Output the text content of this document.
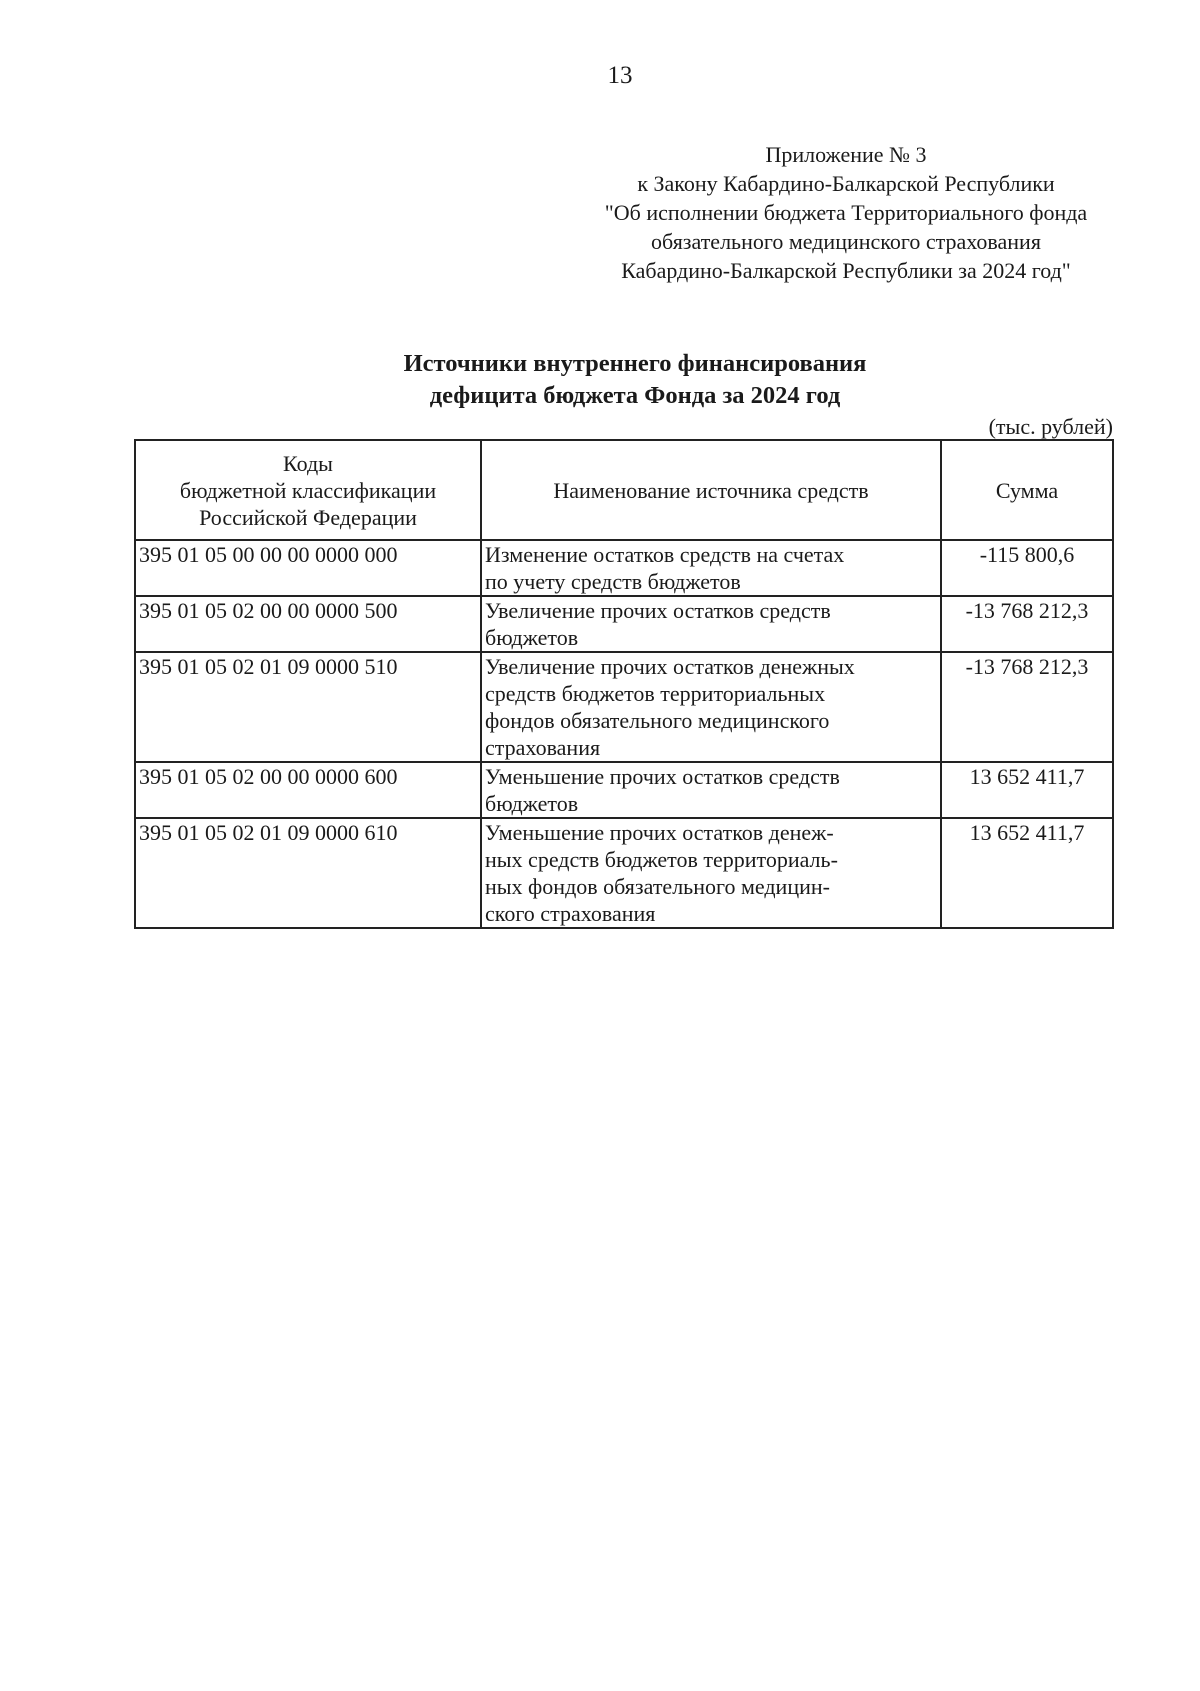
13
Приложение № 3
к Закону Кабардино-Балкарской Республики
"Об исполнении бюджета Территориального фонда
обязательного медицинского страхования
Кабардино-Балкарской Республики за 2024 год"
Источники внутреннего финансирования
дефицита бюджета Фонда за 2024 год
(тыс. рублей)
Коды
бюджетной классификации
Российской Федерации	Наименование источника средств	Сумма
395 01 05 00 00 00 0000 000	Изменение остатков средств на счетах
по учету средств бюджетов	-115 800,6
395 01 05 02 00 00 0000 500	Увеличение прочих остатков средств
бюджетов	-13 768 212,3
395 01 05 02 01 09 0000 510	Увеличение прочих остатков денежных
средств бюджетов территориальных
фондов обязательного медицинского
страхования	-13 768 212,3
395 01 05 02 00 00 0000 600	Уменьшение прочих остатков средств
бюджетов	13 652 411,7
395 01 05 02 01 09 0000 610	Уменьшение прочих остатков денеж-
ных средств бюджетов территориаль-
ных фондов обязательного медицин-
ского страхования	13 652 411,7
